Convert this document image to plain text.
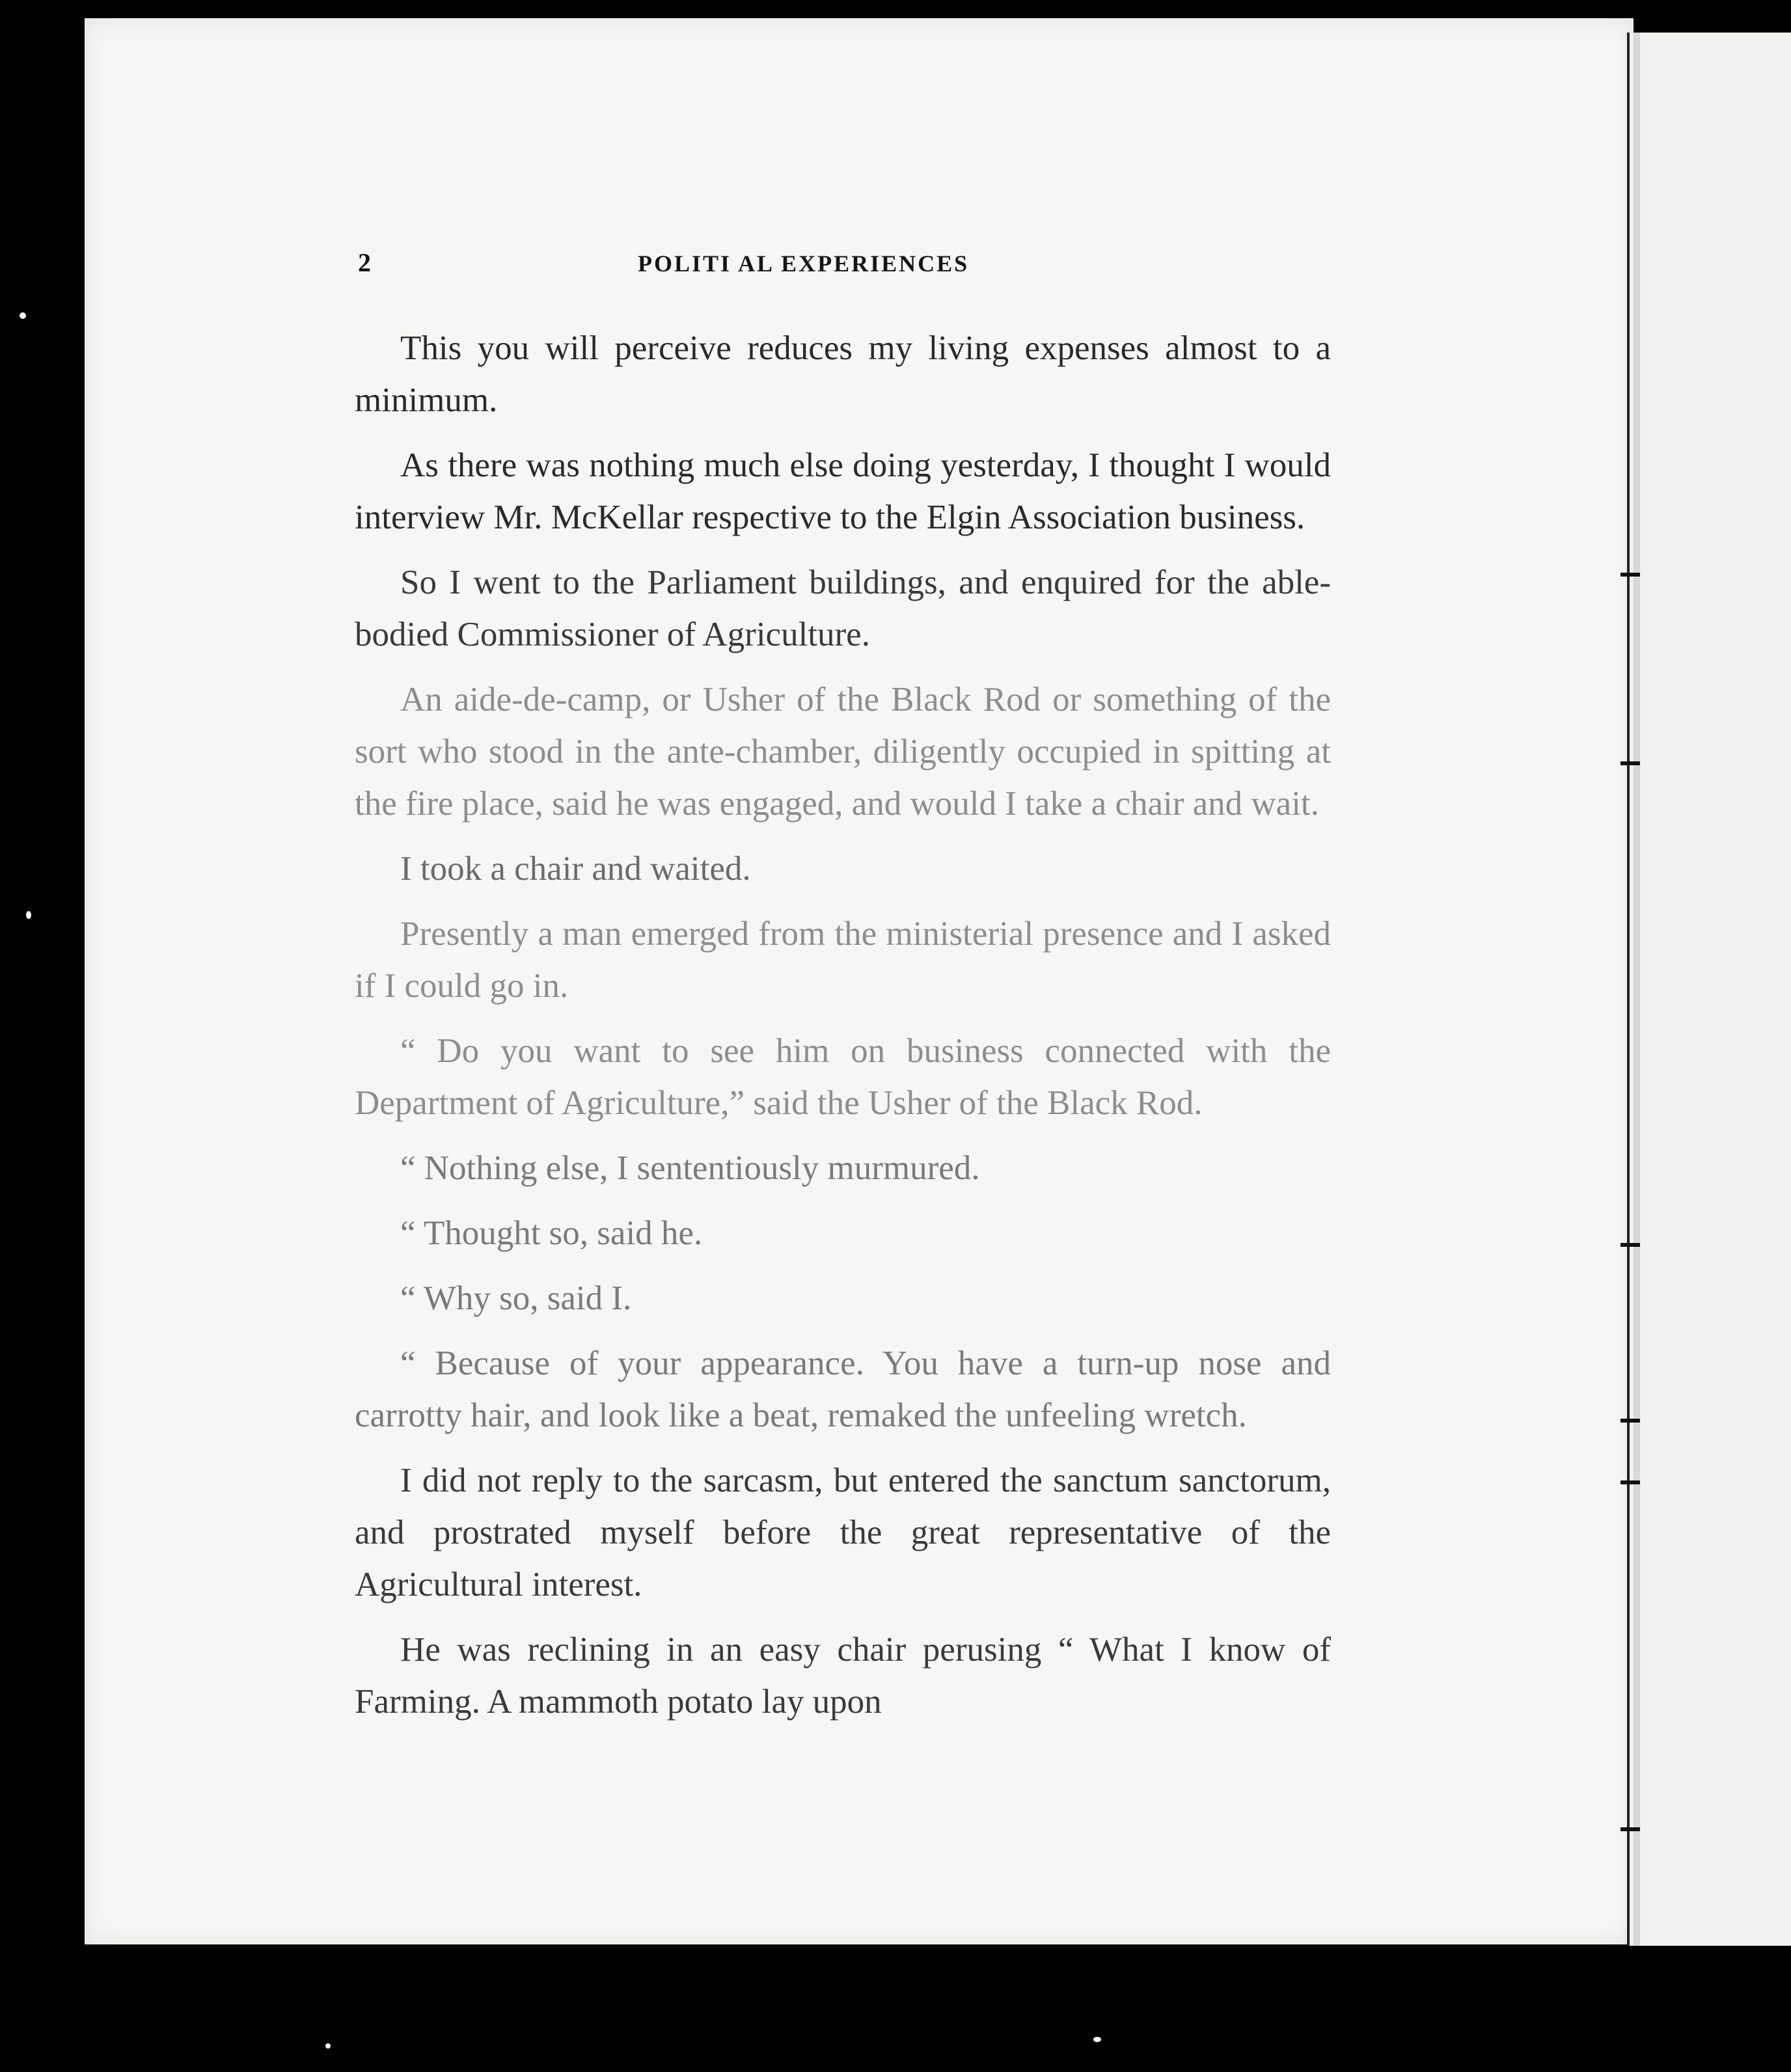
2	POLITI AL EXPERIENCES

This you will perceive reduces my living expenses almost to a minimum.

As there was nothing much else doing yesterday, I thought I would interview Mr. McKellar respective to the Elgin Association business.

So I went to the Parliament buildings, and enquired for the able-bodied Commissioner of Agriculture.

An aide-de-camp, or Usher of the Black Rod or something of the sort who stood in the ante-chamber, diligently occupied in spitting at the fire place, said he was engaged, and would I take a chair and wait.

I took a chair and waited.

Presently a man emerged from the ministerial presence and I asked if I could go in.

“ Do you want to see him on business connected with the Department of Agriculture,” said the Usher of the Black Rod.

“ Nothing else, I sententiously murmured.

“ Thought so, said he.

“ Why so, said I.

“ Because of your appearance. You have a turn-up nose and carrotty hair, and look like a beat, remaked the unfeeling wretch.

I did not reply to the sarcasm, but entered the sanctum sanctorum, and prostrated myself before the great representative of the Agricultural interest.

He was reclining in an easy chair perusing “ What I know of Farming. A mammoth potato lay upon
